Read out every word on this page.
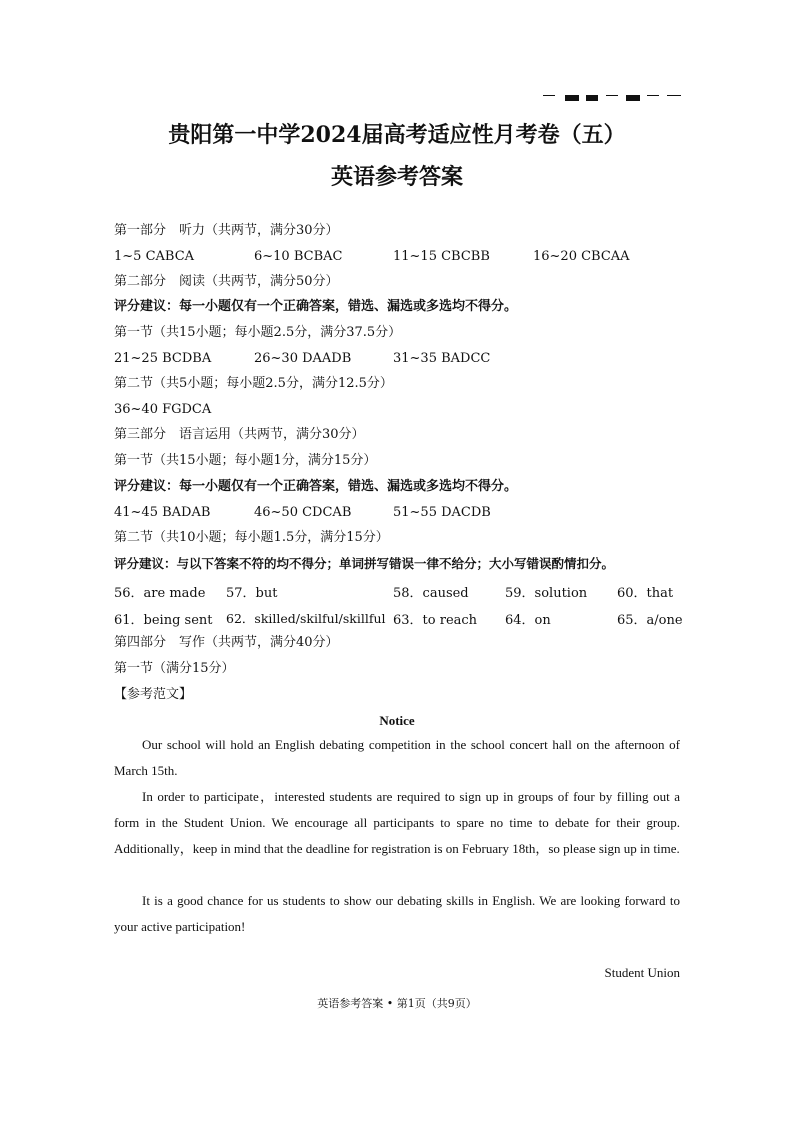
贵阳第一中学2024届高考适应性月考卷（五）
英语参考答案
第一部分　听力（共两节，满分30分）
1~5 CABCA	6~10 BCBAC	11~15 CBCBB	16~20 CBCAA
第二部分　阅读（共两节，满分50分）
评分建议：每一小题仅有一个正确答案，错选、漏选或多选均不得分。
第一节（共15小题；每小题2.5分，满分37.5分）
21~25 BCDBA	26~30 DAADB	31~35 BADCC
第二节（共5小题；每小题2.5分，满分12.5分）
36~40 FGDCA
第三部分　语言运用（共两节，满分30分）
第一节（共15小题；每小题1分，满分15分）
评分建议：每一小题仅有一个正确答案，错选、漏选或多选均不得分。
41~45 BADAB	46~50 CDCAB	51~55 DACDB
第二节（共10小题；每小题1.5分，满分15分）
评分建议：与以下答案不符的均不得分；单词拼写错误一律不给分；大小写错误酌情扣分。
56．are made 57．but	58．caused	59．solution 60．that
61．being sent 62．skilled/skilful/skillful 63．to reach 64．on	65．a/one
第四部分　写作（共两节，满分40分）
第一节（满分15分）
【参考范文】
Notice
Our school will hold an English debating competition in the school concert hall on the afternoon of March 15th.
In order to participate，interested students are required to sign up in groups of four by filling out a form in the Student Union. We encourage all participants to spare no time to debate for their group. Additionally，keep in mind that the deadline for registration is on February 18th，so please sign up in time.
It is a good chance for us students to show our debating skills in English. We are looking forward to your active participation!
Student Union
英语参考答案 • 第1页（共9页）
